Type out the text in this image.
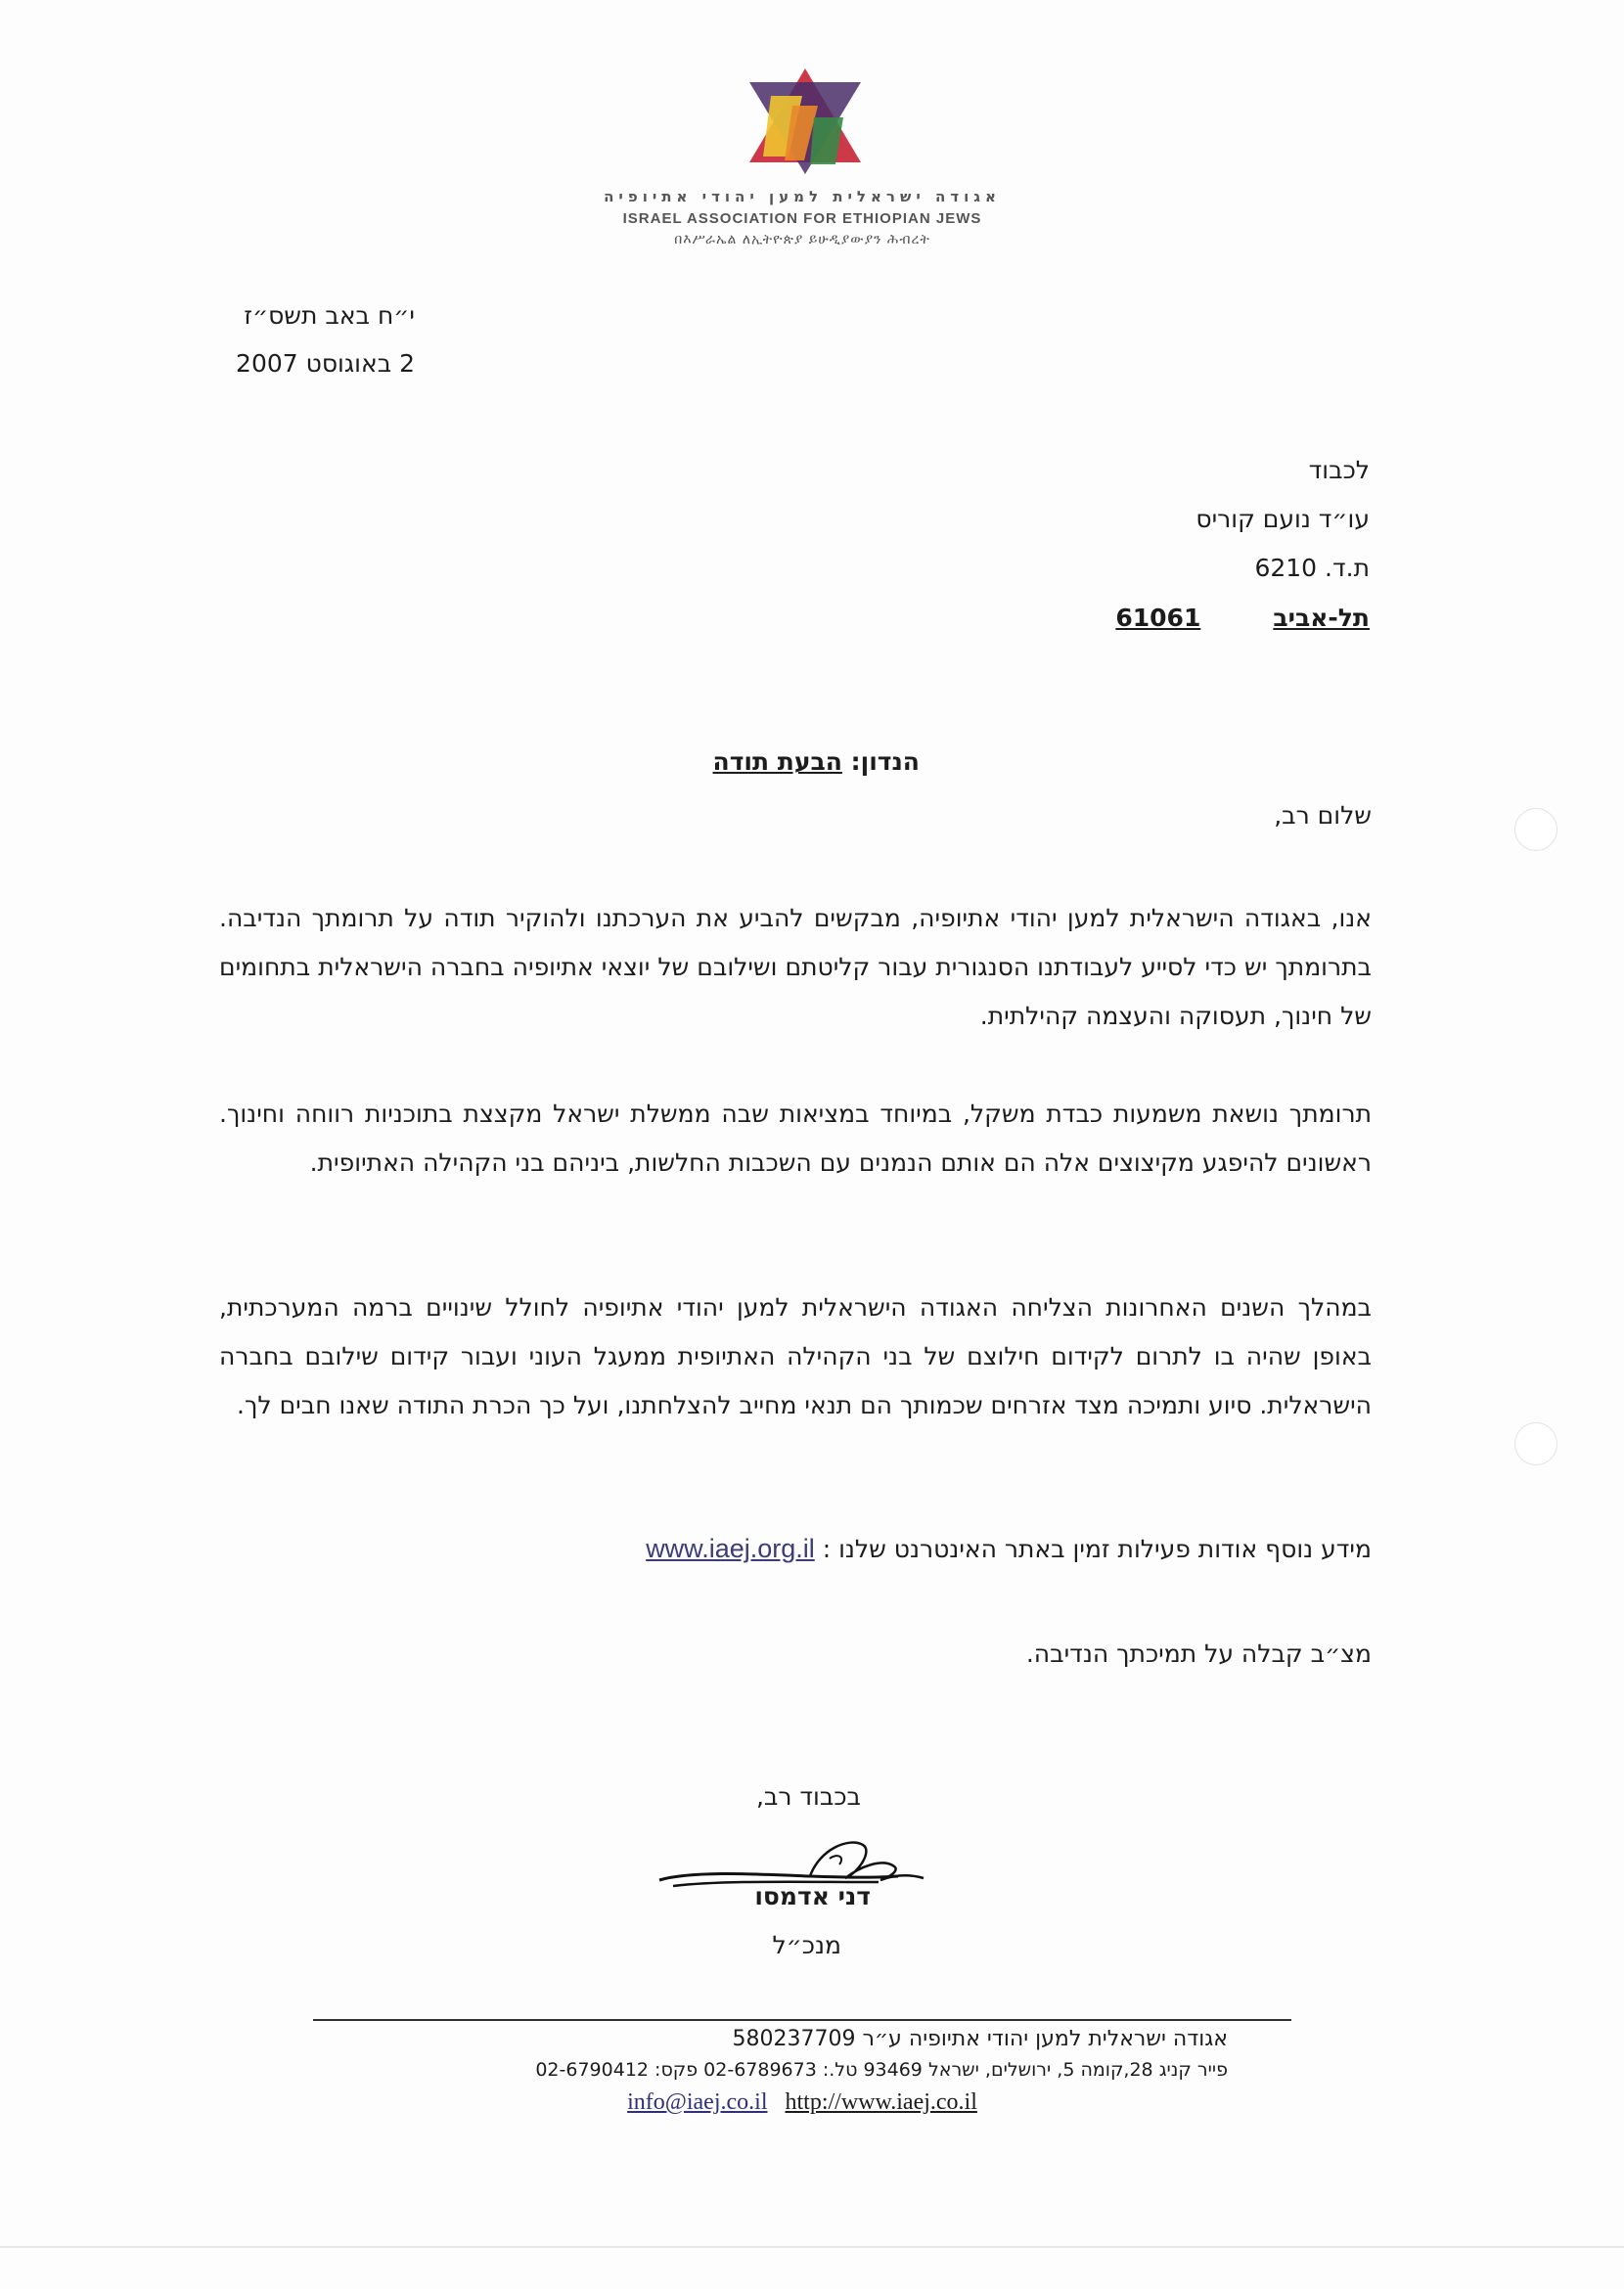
אגודה ישראלית למען יהודי אתיופיה
ISRAEL ASSOCIATION FOR ETHIOPIAN JEWS
በእሥራኤል ለኢትዮጵያ ይሁዲያውያን ሕብረት
י״ח באב תשס״ז
2 באוגוסט 2007
לכבוד
עו״ד נועם קוריס
ת.ד. 6210
תל-אביב61061
הנדון: הבעת תודה
שלום רב,
אנו, באגודה הישראלית למען יהודי אתיופיה, מבקשים להביע את הערכתנו ולהוקיר תודה על תרומתך הנדיבה. בתרומתך יש כדי לסייע לעבודתנו הסנגורית עבור קליטתם ושילובם של יוצאי אתיופיה בחברה הישראלית בתחומים של חינוך, תעסוקה והעצמה קהילתית.
תרומתך נושאת משמעות כבדת משקל, במיוחד במציאות שבה ממשלת ישראל מקצצת בתוכניות רווחה וחינוך. ראשונים להיפגע מקיצוצים אלה הם אותם הנמנים עם השכבות החלשות, ביניהם בני הקהילה האתיופית.
במהלך השנים האחרונות הצליחה האגודה הישראלית למען יהודי אתיופיה לחולל שינויים ברמה המערכתית, באופן שהיה בו לתרום לקידום חילוצם של בני הקהילה האתיופית ממעגל העוני ועבור קידום שילובם בחברה הישראלית. סיוע ותמיכה מצד אזרחים שכמותך הם תנאי מחייב להצלחתנו, ועל כך הכרת התודה שאנו חבים לך.
מידע נוסף אודות פעילות זמין באתר האינטרנט שלנו : www.iaej.org.il
מצ״ב קבלה על תמיכתך הנדיבה.
בכבוד רב,
דני אדמסו
מנכ״ל
אגודה ישראלית למען יהודי אתיופיה ע״ר 580237709
פייר קניג 28,קומה 5, ירושלים, ישראל 93469 טל.: 02-6789673 פקס: 02-6790412
info@iaej.co.il http://www.iaej.co.il
